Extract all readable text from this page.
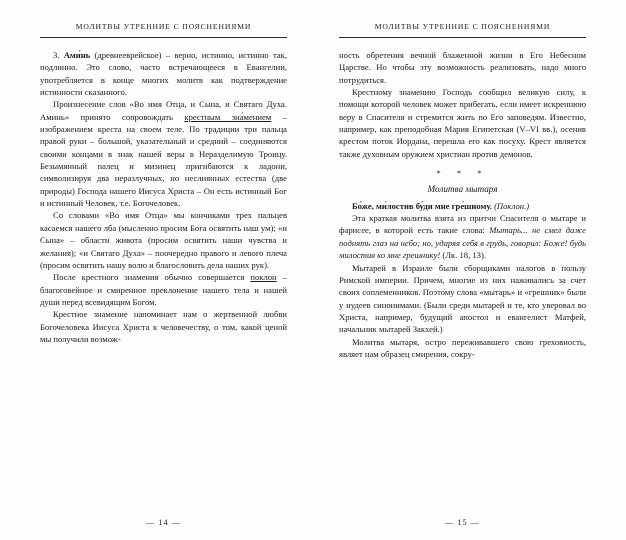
МОЛИТВЫ УТРЕННИЕ С ПОЯСНЕНИЯМИ

3. Ами́нь (древнееврейское) – верно, истинно, истинно так, подлинно. Это слово, часто встречающееся в Евангелии, употребляется в конце многих молитв как подтверждение истинности сказанного.

Произнесение слов «Во имя Отца, и Сына, и Святаго Духа. Аминь» принято сопровождать крестным зна́мением – изображением креста на своем теле. По традиции три пальца правой руки – большой, указательный и средний – соединяются своими концами в знак нашей веры в Неразделимую Троицу. Безымянный палец и мизинец пригибаются к ладони, символизируя два неразлучных, но неслиянных естества (две природы) Господа нашего Иисуса Христа – Он есть истинный Бог и истинный Человек, т.е. Богочеловек.

Со словами «Во имя Отца» мы кончиками трех пальцев касаемся нашего лба (мысленно просим Бога освятить наш ум); «и Сына» – области живота (просим освятить наши чувства и желания); «и Святаго Духа» – поочередно правого и левого плеча (просим освятить нашу волю и благословить дела наших рук).

После крестного знамения обычно совершается поклон – благоговейное и смиренное преклонение нашего тела и нашей души перед всевидящим Богом.

Крестное знамение напоминает нам о жертвенной любви Богочеловека Иисуса Христа к человечеству, о том, какой ценой мы получили возмож-

— 14 —
МОЛИТВЫ УТРЕННИЕ С ПОЯСНЕНИЯМИ

ность обретения вечной блаженной жизни в Его Небесном Царстве. Но чтобы эту возможность реализовать, надо много потрудиться.

Крестному знамению Господь сообщил великую силу, к помощи которой человек может прибегать, если имеет искреннюю веру в Спасителя и стремится жить по Его заповедям. Известно, например, как преподобная Мария Египетская (V–VI вв.), осенив крестом поток Иордана, перешла его как посуху. Крест является также духовным оружием христиан против демонов.

* * *
Молитва мытаря

Бо́же, ми́лостив бу́ди мне гре́шному. (Поклон.)

Эта краткая молитва взята из притчи Спасителя о мытаре и фарисее, в которой есть такие слова: Мытарь... не смел даже поднять глаз на небо; но, ударяя себя в грудь, говорил: Боже! будь милостив ко мне грешнику! (Лк. 18, 13).

Мытарей в Израиле были сборщиками налогов в пользу Римской империи. Причем, многие из них наживались за счет своих соплеменников. Поэтому слова «мытарь» и «грешник» были у иудеев синонимами. (Были среди мытарей и те, кто уверовал во Христа, например, будущий апостол и евангелист Матфей, начальник мытарей Закхей.)

Молитва мытаря, остро переживавшего свою греховность, являет нам образец смирения, сокру-

— 15 —
